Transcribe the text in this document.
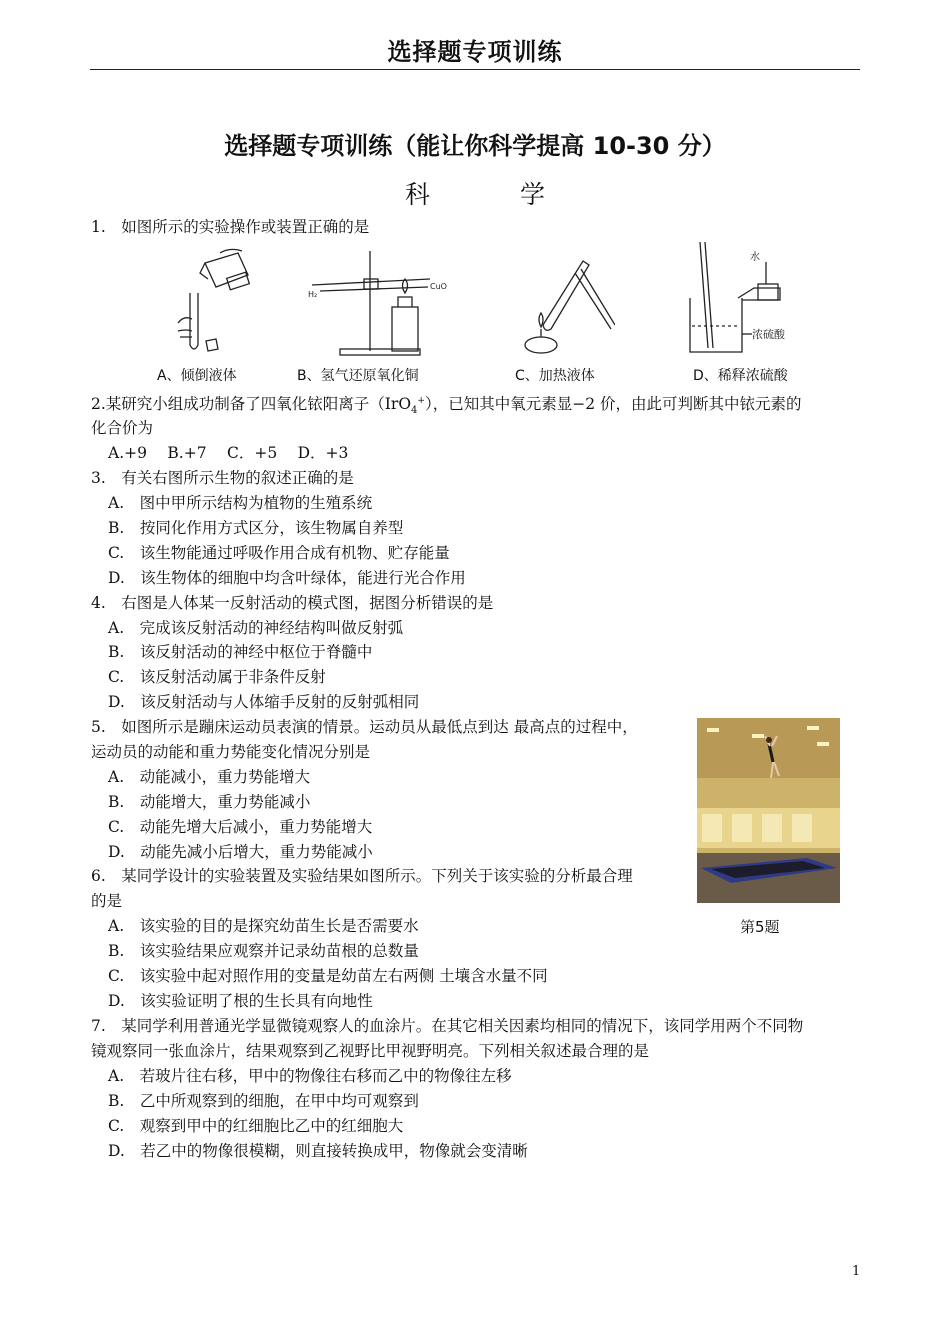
选择题专项训练
选择题专项训练（能让你科学提高 10-30 分）
科	学
1.　如图所示的实验操作或装置正确的是
H₂
CuO
水
浓硫酸
A、倾倒液体	B、氢气还原氧化铜	C、加热液体	D、稀释浓硫酸
2.某研究小组成功制备了四氧化铱阳离子（IrO$_4$+），已知其中氧元素显−2 价，由此可判断其中铱元素的
化合价为
A.+9　 B.+7　 C．+5　 D．+3
3.　有关右图所示生物的叙述正确的是
A.　图中甲所示结构为植物的生殖系统
B.　按同化作用方式区分，该生物属自养型
C.　该生物能通过呼吸作用合成有机物、贮存能量
D.　该生物体的细胞中均含叶绿体，能进行光合作用
4.　右图是人体某一反射活动的模式图，据图分析错误的是
A.　完成该反射活动的神经结构叫做反射弧
B.　该反射活动的神经中枢位于脊髓中
C.　该反射活动属于非条件反射
D.　该反射活动与人体缩手反射的反射弧相同
5.　如图所示是蹦床运动员表演的情景。运动员从最低点到达 最高点的过程中，
运动员的动能和重力势能变化情况分别是
A.　动能减小，重力势能增大
B.　动能增大，重力势能减小
C.　动能先增大后减小，重力势能增大
D.　动能先减小后增大，重力势能减小
第5题
6.　某同学设计的实验装置及实验结果如图所示。下列关于该实验的分析最合理
的是
A.　该实验的目的是探究幼苗生长是否需要水
B.　该实验结果应观察并记录幼苗根的总数量
C.　该实验中起对照作用的变量是幼苗左右两侧 土壤含水量不同
D.　该实验证明了根的生长具有向地性
7.　某同学利用普通光学显微镜观察人的血涂片。在其它相关因素均相同的情况下，该同学用两个不同物
镜观察同一张血涂片，结果观察到乙视野比甲视野明亮。下列相关叙述最合理的是
A.　若玻片往右移，甲中的物像往右移而乙中的物像往左移
B.　乙中所观察到的细胞，在甲中均可观察到
C.　观察到甲中的红细胞比乙中的红细胞大
D.　若乙中的物像很模糊，则直接转换成甲，物像就会变清晰
1
